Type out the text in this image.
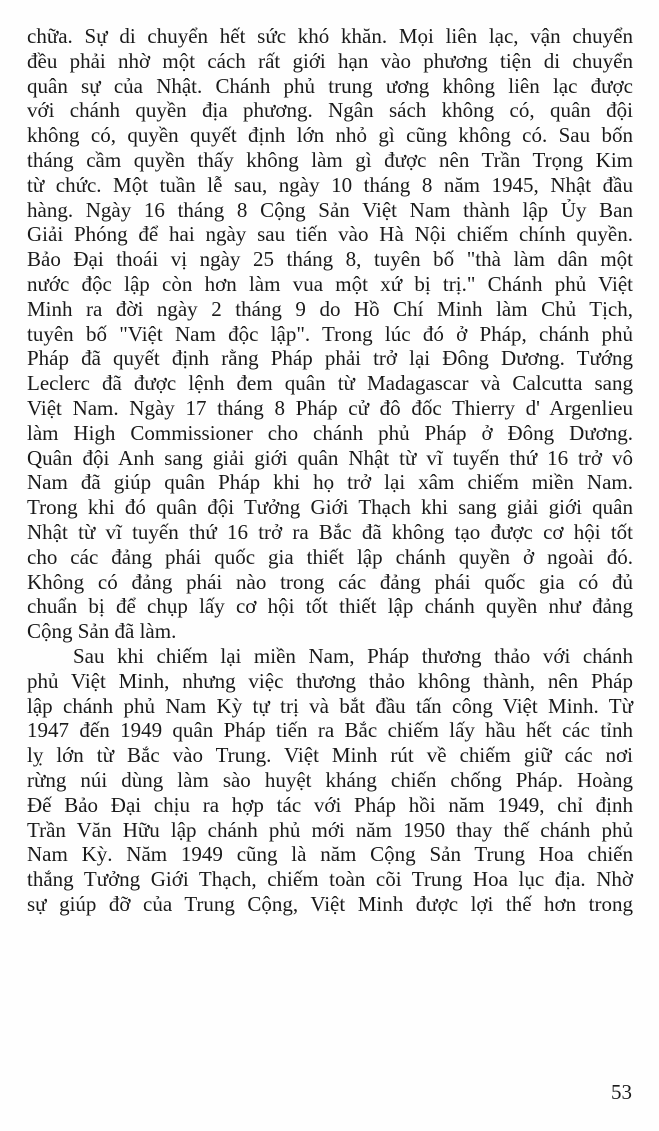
chữa. Sự di chuyển hết sức khó khăn. Mọi liên lạc, vận chuyển
đều phải nhờ một cách rất giới hạn vào phương tiện di chuyển
quân sự của Nhật. Chánh phủ trung ương không liên lạc được
với chánh quyền địa phương. Ngân sách không có, quân đội
không có, quyền quyết định lớn nhỏ gì cũng không có. Sau bốn
tháng cầm quyền thấy không làm gì được nên Trần Trọng Kim
từ chức. Một tuần lễ sau, ngày 10 tháng 8 năm 1945, Nhật đầu
hàng. Ngày 16 tháng 8 Cộng Sản Việt Nam thành lập Ủy Ban
Giải Phóng để hai ngày sau tiến vào Hà Nội chiếm chính quyền.
Bảo Đại thoái vị ngày 25 tháng 8, tuyên bố "thà làm dân một
nước độc lập còn hơn làm vua một xứ bị trị." Chánh phủ Việt
Minh ra đời ngày 2 tháng 9 do Hồ Chí Minh làm Chủ Tịch,
tuyên bố "Việt Nam độc lập". Trong lúc đó ở Pháp, chánh phủ
Pháp đã quyết định rằng Pháp phải trở lại Đông Dương. Tướng
Leclerc đã được lệnh đem quân từ Madagascar và Calcutta sang
Việt Nam. Ngày 17 tháng 8 Pháp cử đô đốc Thierry d' Argenlieu
làm High Commissioner cho chánh phủ Pháp ở Đông Dương.
Quân đội Anh sang giải giới quân Nhật từ vĩ tuyến thứ 16 trở vô
Nam đã giúp quân Pháp khi họ trở lại xâm chiếm miền Nam.
Trong khi đó quân đội Tưởng Giới Thạch khi sang giải giới quân
Nhật từ vĩ tuyến thứ 16 trở ra Bắc đã không tạo được cơ hội tốt
cho các đảng phái quốc gia thiết lập chánh quyền ở ngoài đó.
Không có đảng phái nào trong các đảng phái quốc gia có đủ
chuẩn bị để chụp lấy cơ hội tốt thiết lập chánh quyền như đảng
Cộng Sản đã làm.
Sau khi chiếm lại miền Nam, Pháp thương thảo với chánh
phủ Việt Minh, nhưng việc thương thảo không thành, nên Pháp
lập chánh phủ Nam Kỳ tự trị và bắt đầu tấn công Việt Minh. Từ
1947 đến 1949 quân Pháp tiến ra Bắc chiếm lấy hầu hết các tỉnh
lỵ lớn từ Bắc vào Trung. Việt Minh rút về chiếm giữ các nơi
rừng núi dùng làm sào huyệt kháng chiến chống Pháp. Hoàng
Đế Bảo Đại chịu ra hợp tác với Pháp hồi năm 1949, chỉ định
Trần Văn Hữu lập chánh phủ mới năm 1950 thay thế chánh phủ
Nam Kỳ. Năm 1949 cũng là năm Cộng Sản Trung Hoa chiến
thắng Tưởng Giới Thạch, chiếm toàn cõi Trung Hoa lục địa. Nhờ
sự giúp đỡ của Trung Cộng, Việt Minh được lợi thế hơn trong
53
